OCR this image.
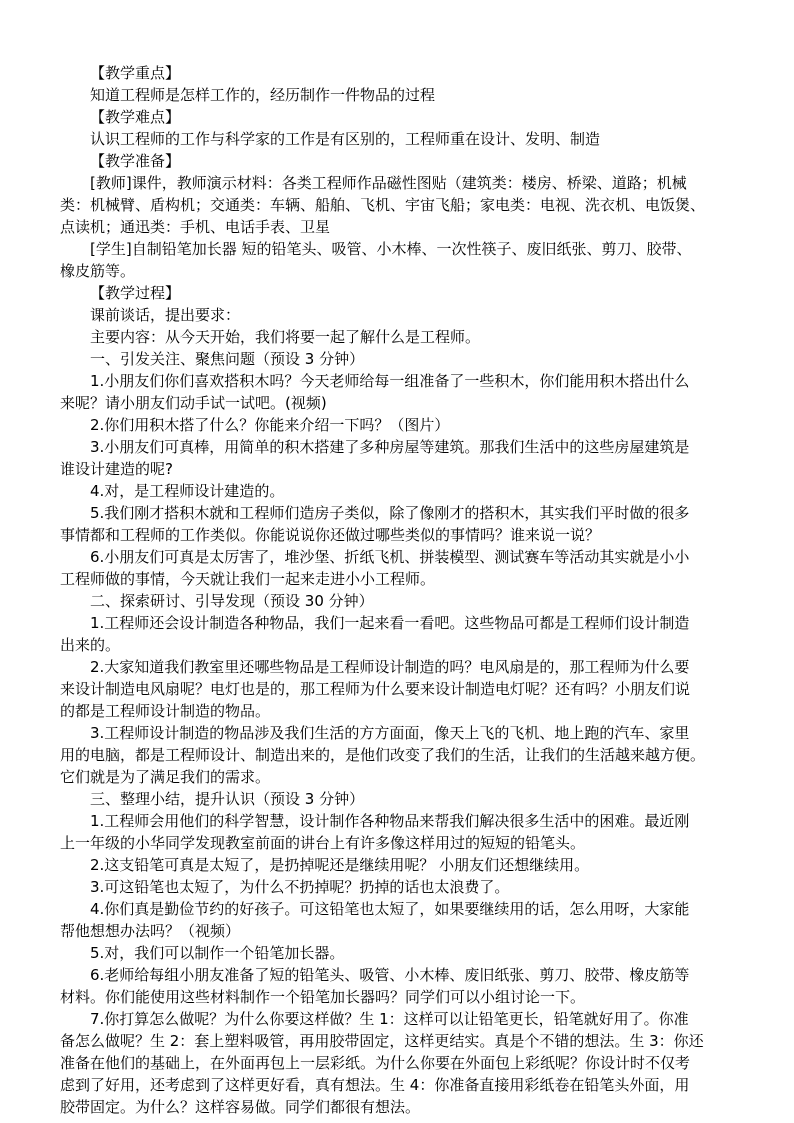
【教学重点】
知道工程师是怎样工作的，经历制作一件物品的过程
【教学难点】
认识工程师的工作与科学家的工作是有区别的，工程师重在设计、发明、制造
【教学准备】
[教师]课件，教师演示材料：各类工程师作品磁性图贴（建筑类：楼房、桥梁、道路；机械
类：机械臂、盾构机；交通类：车辆、船舶、飞机、宇宙飞船；家电类：电视、洗衣机、电饭煲、
点读机；通迅类：手机、电话手表、卫星
[学生]自制铅笔加长器 短的铅笔头、吸管、小木棒、一次性筷子、废旧纸张、剪刀、胶带、
橡皮筋等。
【教学过程】
课前谈话，提出要求：
主要内容：从今天开始，我们将要一起了解什么是工程师。
一、引发关注、聚焦问题（预设 3 分钟）
1.小朋友们你们喜欢搭积木吗？今天老师给每一组准备了一些积木，你们能用积木搭出什么
来呢？请小朋友们动手试一试吧。(视频)
2.你们用积木搭了什么？你能来介绍一下吗？（图片）
3.小朋友们可真棒，用简单的积木搭建了多种房屋等建筑。那我们生活中的这些房屋建筑是
谁设计建造的呢?
4.对，是工程师设计建造的。
5.我们刚才搭积木就和工程师们造房子类似，除了像刚才的搭积木，其实我们平时做的很多
事情都和工程师的工作类似。你能说说你还做过哪些类似的事情吗？谁来说一说？
6.小朋友们可真是太厉害了，堆沙堡、折纸飞机、拼装模型、测试赛车等活动其实就是小小
工程师做的事情，今天就让我们一起来走进小小工程师。
二、探索研讨、引导发现（预设 30 分钟）
1.工程师还会设计制造各种物品，我们一起来看一看吧。这些物品可都是工程师们设计制造
出来的。
2.大家知道我们教室里还哪些物品是工程师设计制造的吗？电风扇是的，那工程师为什么要
来设计制造电风扇呢？电灯也是的，那工程师为什么要来设计制造电灯呢？还有吗？小朋友们说
的都是工程师设计制造的物品。
3.工程师设计制造的物品涉及我们生活的方方面面，像天上飞的飞机、地上跑的汽车、家里
用的电脑，都是工程师设计、制造出来的，是他们改变了我们的生活，让我们的生活越来越方便。
它们就是为了满足我们的需求。
三、整理小结，提升认识（预设 3 分钟）
1.工程师会用他们的科学智慧，设计制作各种物品来帮我们解决很多生活中的困难。最近刚
上一年级的小华同学发现教室前面的讲台上有许多像这样用过的短短的铅笔头。
2.这支铅笔可真是太短了，是扔掉呢还是继续用呢？ 小朋友们还想继续用。
3.可这铅笔也太短了，为什么不扔掉呢？扔掉的话也太浪费了。
4.你们真是勤俭节约的好孩子。可这铅笔也太短了，如果要继续用的话，怎么用呀，大家能
帮他想想办法吗？（视频）
5.对，我们可以制作一个铅笔加长器。
6.老师给每组小朋友准备了短的铅笔头、吸管、小木棒、废旧纸张、剪刀、胶带、橡皮筋等
材料。你们能使用这些材料制作一个铅笔加长器吗？同学们可以小组讨论一下。
7.你打算怎么做呢？为什么你要这样做？生 1：这样可以让铅笔更长，铅笔就好用了。你准
备怎么做呢？生 2：套上塑料吸管，再用胶带固定，这样更结实。真是个不错的想法。生 3：你还
准备在他们的基础上，在外面再包上一层彩纸。为什么你要在外面包上彩纸呢？你设计时不仅考
虑到了好用，还考虑到了这样更好看，真有想法。生 4：你准备直接用彩纸卷在铅笔头外面，用
胶带固定。为什么？这样容易做。同学们都很有想法。
